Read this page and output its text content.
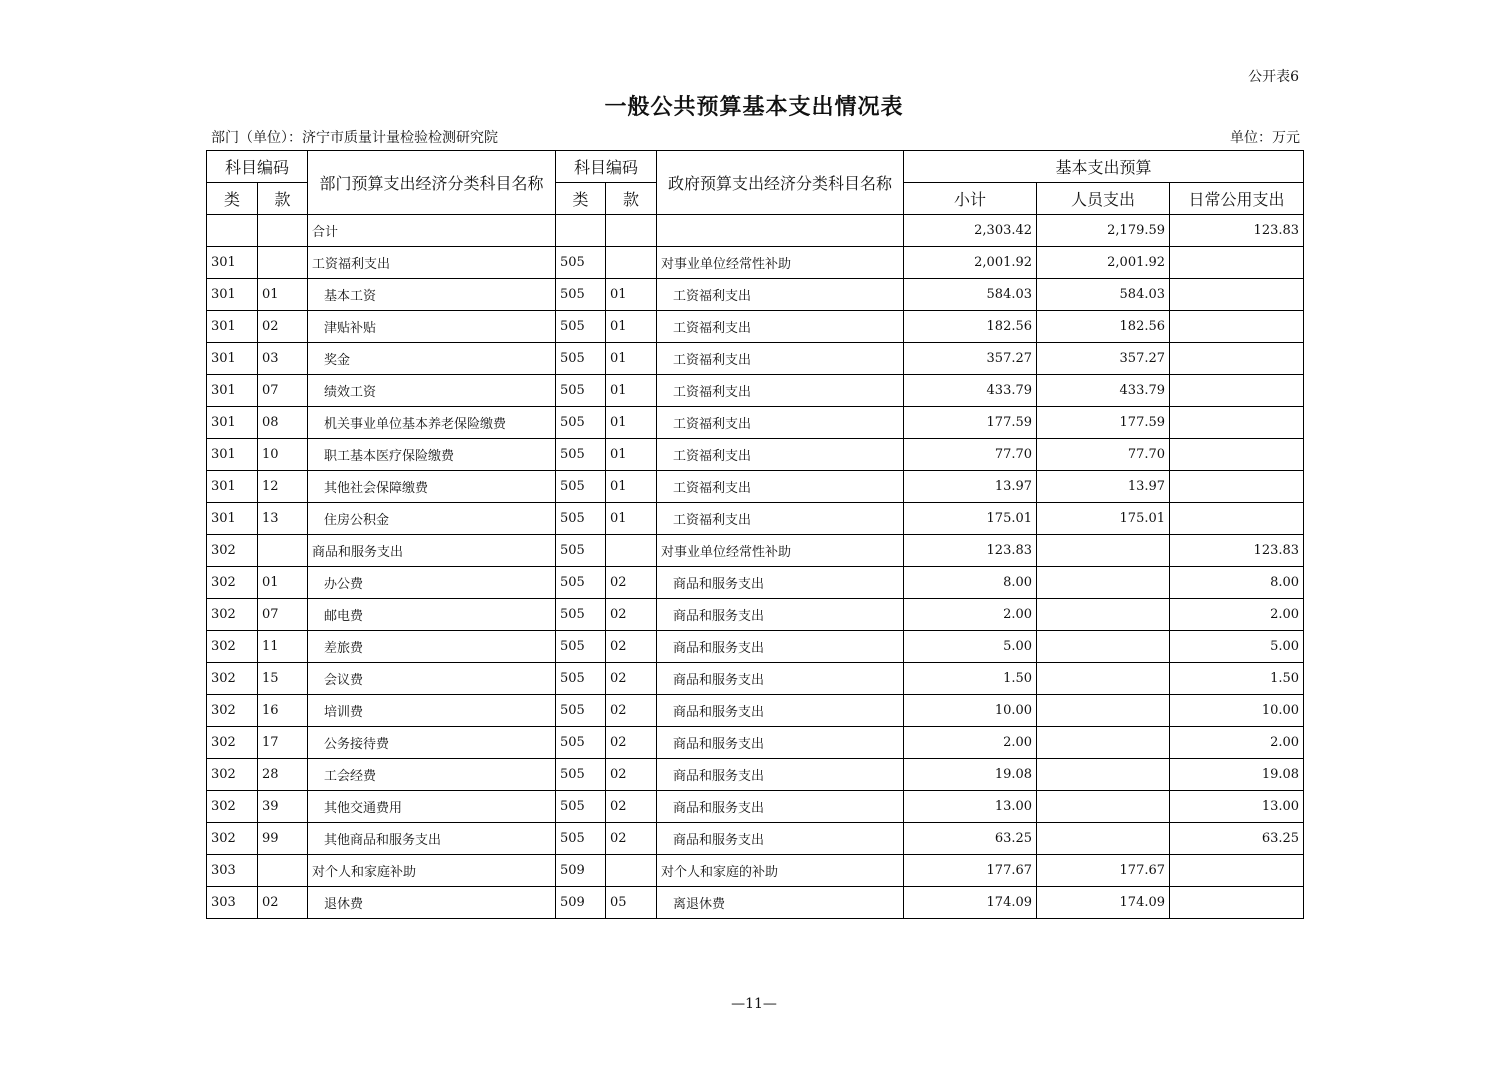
公开表6
一般公共预算基本支出情况表
部门（单位）：济宁市质量计量检验检测研究院	单位：万元
科目编码		部门预算支出经济分类科目名称	科目编码		政府预算支出经济分类科目名称	基本支出预算		
类	款		类	款		小计	人员支出	日常公用支出
		合计				2,303.42	2,179.59	123.83
301		工资福利支出	505		对事业单位经常性补助	2,001.92	2,001.92	
301	01	基本工资	505	01	工资福利支出	584.03	584.03	
301	02	津贴补贴	505	01	工资福利支出	182.56	182.56	
301	03	奖金	505	01	工资福利支出	357.27	357.27	
301	07	绩效工资	505	01	工资福利支出	433.79	433.79	
301	08	机关事业单位基本养老保险缴费	505	01	工资福利支出	177.59	177.59	
301	10	职工基本医疗保险缴费	505	01	工资福利支出	77.70	77.70	
301	12	其他社会保障缴费	505	01	工资福利支出	13.97	13.97	
301	13	住房公积金	505	01	工资福利支出	175.01	175.01	
302		商品和服务支出	505		对事业单位经常性补助	123.83		123.83
302	01	办公费	505	02	商品和服务支出	8.00		8.00
302	07	邮电费	505	02	商品和服务支出	2.00		2.00
302	11	差旅费	505	02	商品和服务支出	5.00		5.00
302	15	会议费	505	02	商品和服务支出	1.50		1.50
302	16	培训费	505	02	商品和服务支出	10.00		10.00
302	17	公务接待费	505	02	商品和服务支出	2.00		2.00
302	28	工会经费	505	02	商品和服务支出	19.08		19.08
302	39	其他交通费用	505	02	商品和服务支出	13.00		13.00
302	99	其他商品和服务支出	505	02	商品和服务支出	63.25		63.25
303		对个人和家庭补助	509		对个人和家庭的补助	177.67	177.67	
303	02	退休费	509	05	离退休费	174.09	174.09	
—11—
